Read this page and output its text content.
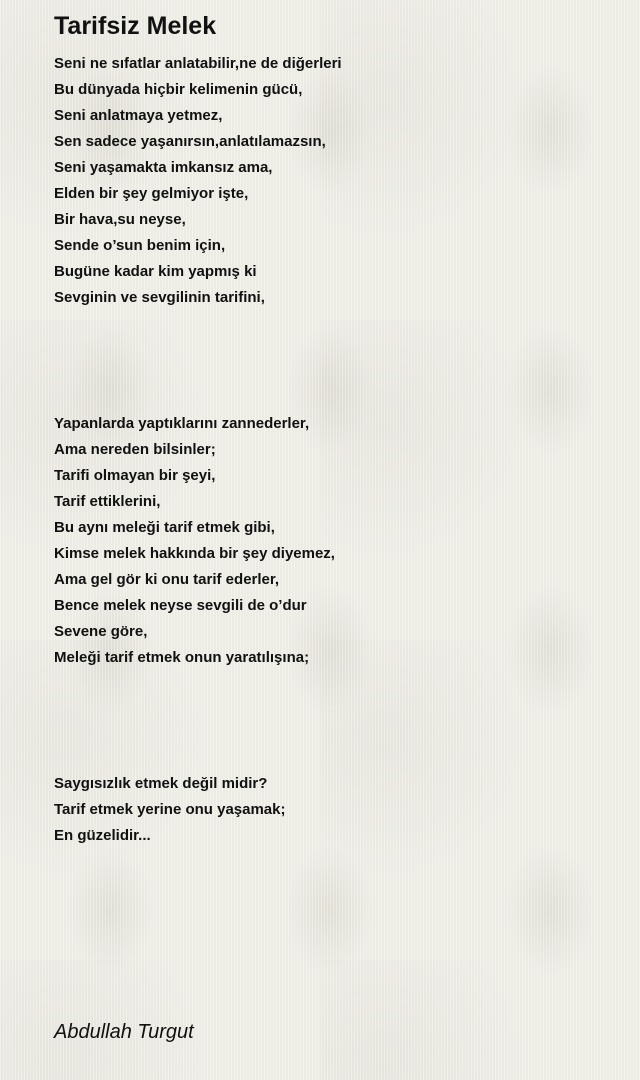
Tarifsiz Melek
Seni ne sıfatlar anlatabilir,ne de diğerleri
Bu dünyada hiçbir kelimenin gücü,
Seni anlatmaya yetmez,
Sen sadece yaşanırsın,anlatılamazsın,
Seni yaşamakta imkansız ama,
Elden bir şey gelmiyor işte,
Bir hava,su neyse,
Sende o’sun benim için,
Bugüne kadar kim yapmış ki
Sevginin ve sevgilinin tarifini,
Yapanlarda yaptıklarını zannederler,
Ama nereden bilsinler;
Tarifi olmayan bir şeyi,
Tarif ettiklerini,
Bu aynı meleği tarif etmek gibi,
Kimse melek hakkında bir şey diyemez,
Ama gel gör ki onu tarif ederler,
Bence melek neyse sevgili de o’dur
Sevene göre,
Meleği tarif etmek onun yaratılışına;
Saygısızlık etmek değil midir?
Tarif etmek yerine onu yaşamak;
En güzelidir...

Abdullah Turgut
